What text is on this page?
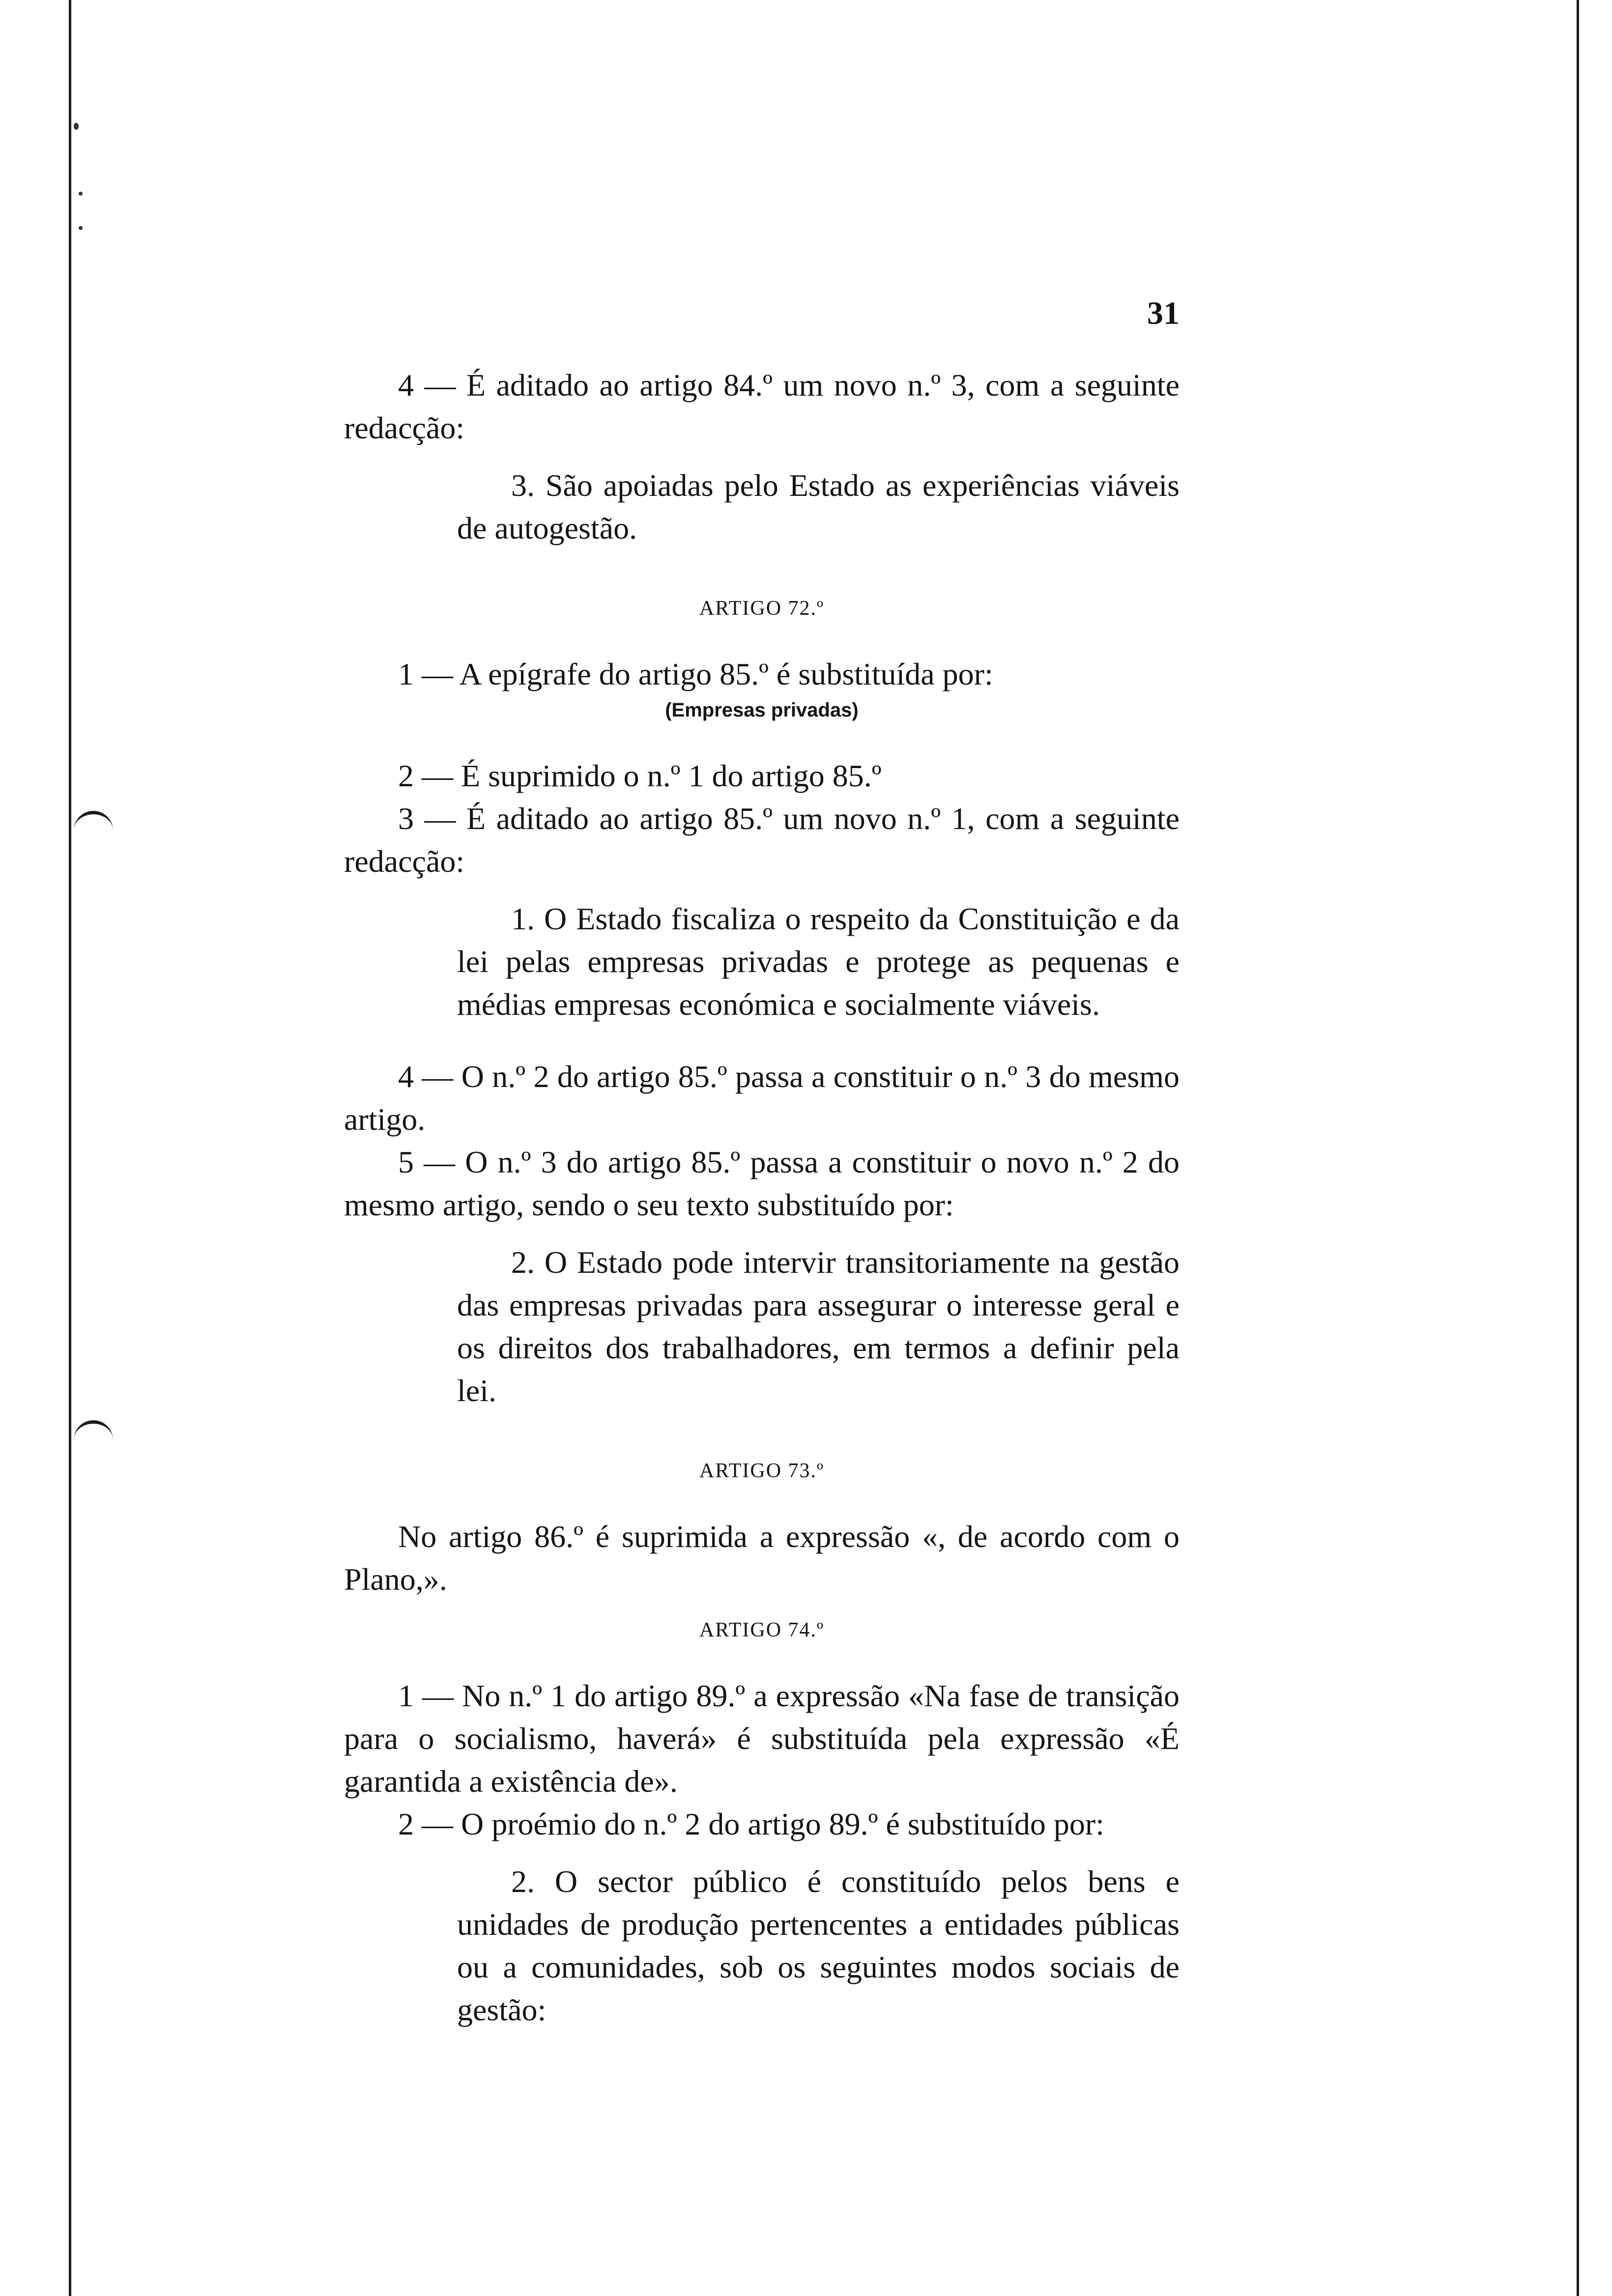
31

4 — É aditado ao artigo 84.º um novo n.º 3, com a seguinte redacção:

3. São apoiadas pelo Estado as experiências viáveis de autogestão.

ARTIGO 72.º

1 — A epígrafe do artigo 85.º é substituída por:

(Empresas privadas)

2 — É suprimido o n.º 1 do artigo 85.º

3 — É aditado ao artigo 85.º um novo n.º 1, com a seguinte redacção:

1. O Estado fiscaliza o respeito da Constituição e da lei pelas empresas privadas e protege as pequenas e médias empresas económica e socialmente viáveis.

4 — O n.º 2 do artigo 85.º passa a constituir o n.º 3 do mesmo artigo.

5 — O n.º 3 do artigo 85.º passa a constituir o novo n.º 2 do mesmo artigo, sendo o seu texto substituído por:

2. O Estado pode intervir transitoriamente na gestão das empresas privadas para assegurar o interesse geral e os direitos dos trabalhadores, em termos a definir pela lei.

ARTIGO 73.º

No artigo 86.º é suprimida a expressão «, de acordo com o Plano,».

ARTIGO 74.º

1 — No n.º 1 do artigo 89.º a expressão «Na fase de transição para o socialismo, haverá» é substituída pela expressão «É garantida a existência de».

2 — O proémio do n.º 2 do artigo 89.º é substituído por:

2. O sector público é constituído pelos bens e unidades de produção pertencentes a entidades públicas ou a comunidades, sob os seguintes modos sociais de gestão:
